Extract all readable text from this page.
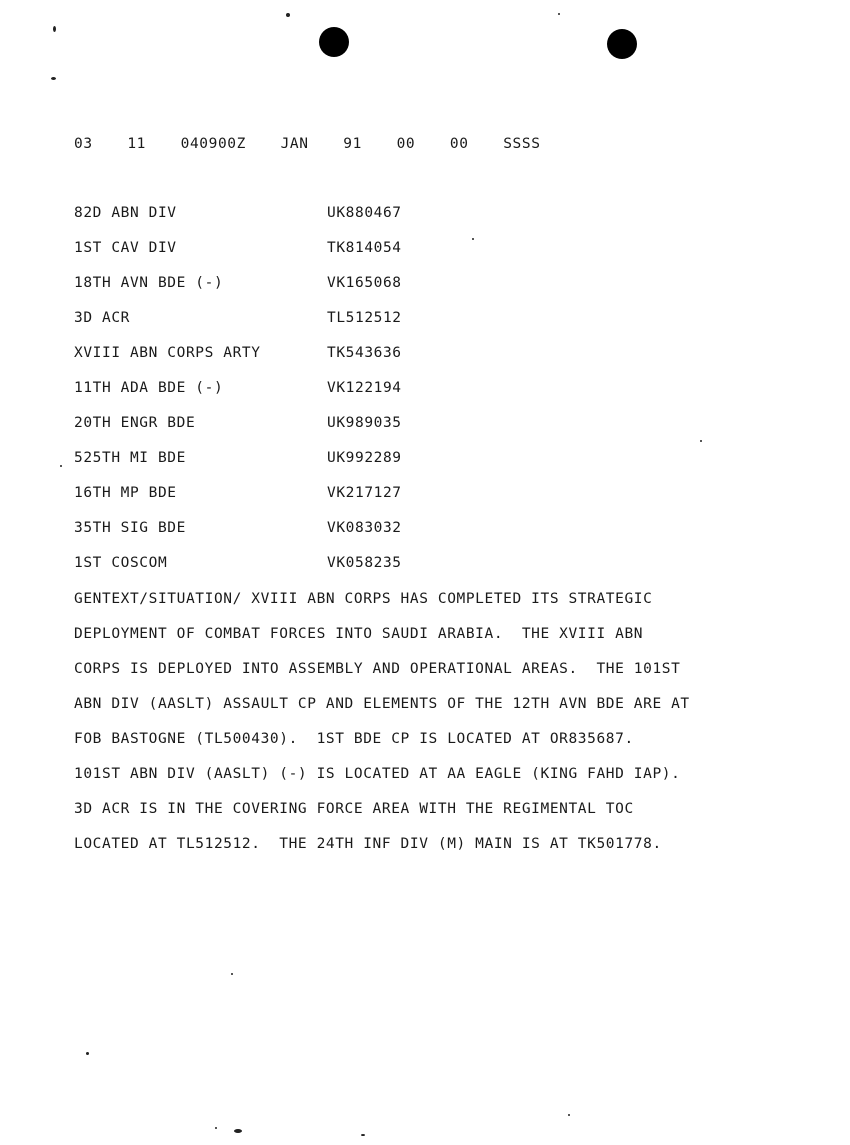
03  11  040900Z  JAN  91  00  00  SSSS
82D ABN DIV	UK880467
1ST CAV DIV	TK814054
18TH AVN BDE (-)	VK165068
3D ACR	TL512512
XVIII ABN CORPS ARTY	TK543636
11TH ADA BDE (-)	VK122194
20TH ENGR BDE	UK989035
525TH MI BDE	UK992289
16TH MP BDE	VK217127
35TH SIG BDE	VK083032
1ST COSCOM	VK058235
GENTEXT/SITUATION/ XVIII ABN CORPS HAS COMPLETED ITS STRATEGIC
DEPLOYMENT OF COMBAT FORCES INTO SAUDI ARABIA.  THE XVIII ABN
CORPS IS DEPLOYED INTO ASSEMBLY AND OPERATIONAL AREAS.  THE 101ST
ABN DIV (AASLT) ASSAULT CP AND ELEMENTS OF THE 12TH AVN BDE ARE AT
FOB BASTOGNE (TL500430).  1ST BDE CP IS LOCATED AT OR835687.
101ST ABN DIV (AASLT) (-) IS LOCATED AT AA EAGLE (KING FAHD IAP).
3D ACR IS IN THE COVERING FORCE AREA WITH THE REGIMENTAL TOC
LOCATED AT TL512512.  THE 24TH INF DIV (M) MAIN IS AT TK501778.
